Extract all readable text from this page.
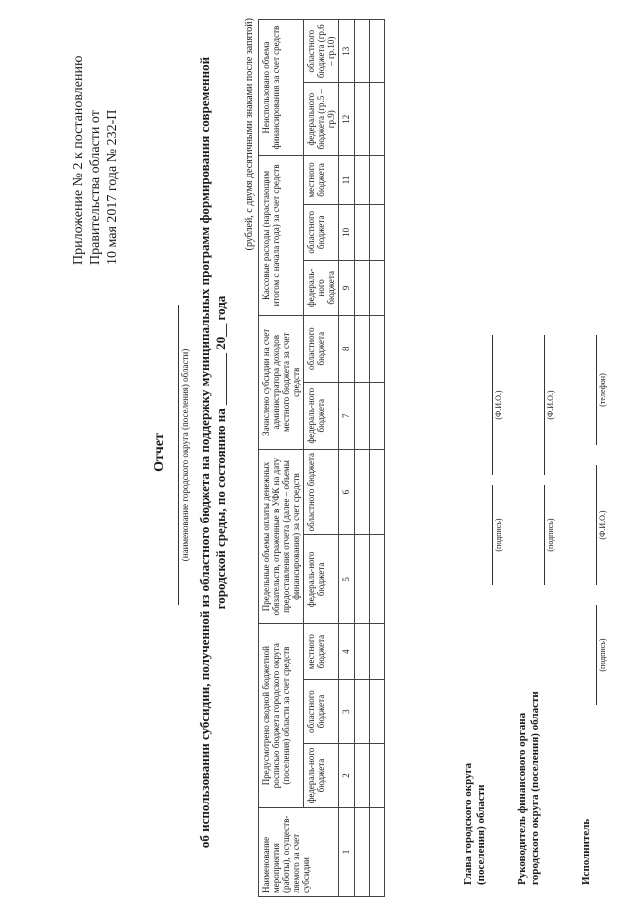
Приложение № 2 к постановлению Правительства области от 10 мая 2017 года № 232-П
Отчет (наименование городского округа (поселения) области) об использовании субсидии, полученной из областного бюджета на поддержку муниципальных программ формирования современной городской среды, по состоянию на ________ 20__ года
(рублей, с двумя десятичными знаками после запятой)
Наименование мероприятия (работы), осуществ-ляемого за счет субсидии	Предусмотрено сводной бюджетной росписью бюджета городского округа (поселения) области за счет средств			Предельные объемы оплаты денежных обязательств, отраженные в УФК на дату предоставления отчета (далее – объемы финансирования) за счет средств		Зачислено субсидии на счет администратора доходов местного бюджета за счет средств		Кассовые расходы (нарастающим итогом с начала года) за счет средств			Неиспользовано объема финансирования за счет средств	
	федераль-ного бюджета	областного бюджета	местного бюджета	федераль-ного бюджета	областного бюджета	федераль-ного бюджета	областного бюджета	федераль-ного бюджета	областного бюджета	местного бюджета	федерального бюджета (гр.5 – гр.9)	областного бюджета (гр.6 – гр.10)
1	2	3	4	5	6	7	8	9	10	11	12	13

Глава городского округа (поселения) области
(подпись)
(Ф.И.О.)
Руководитель финансового органа городского округа (поселения) области
(подпись)
(Ф.И.О.)
Исполнитель
(подпись)
(Ф.И.О.)
(телефон)
